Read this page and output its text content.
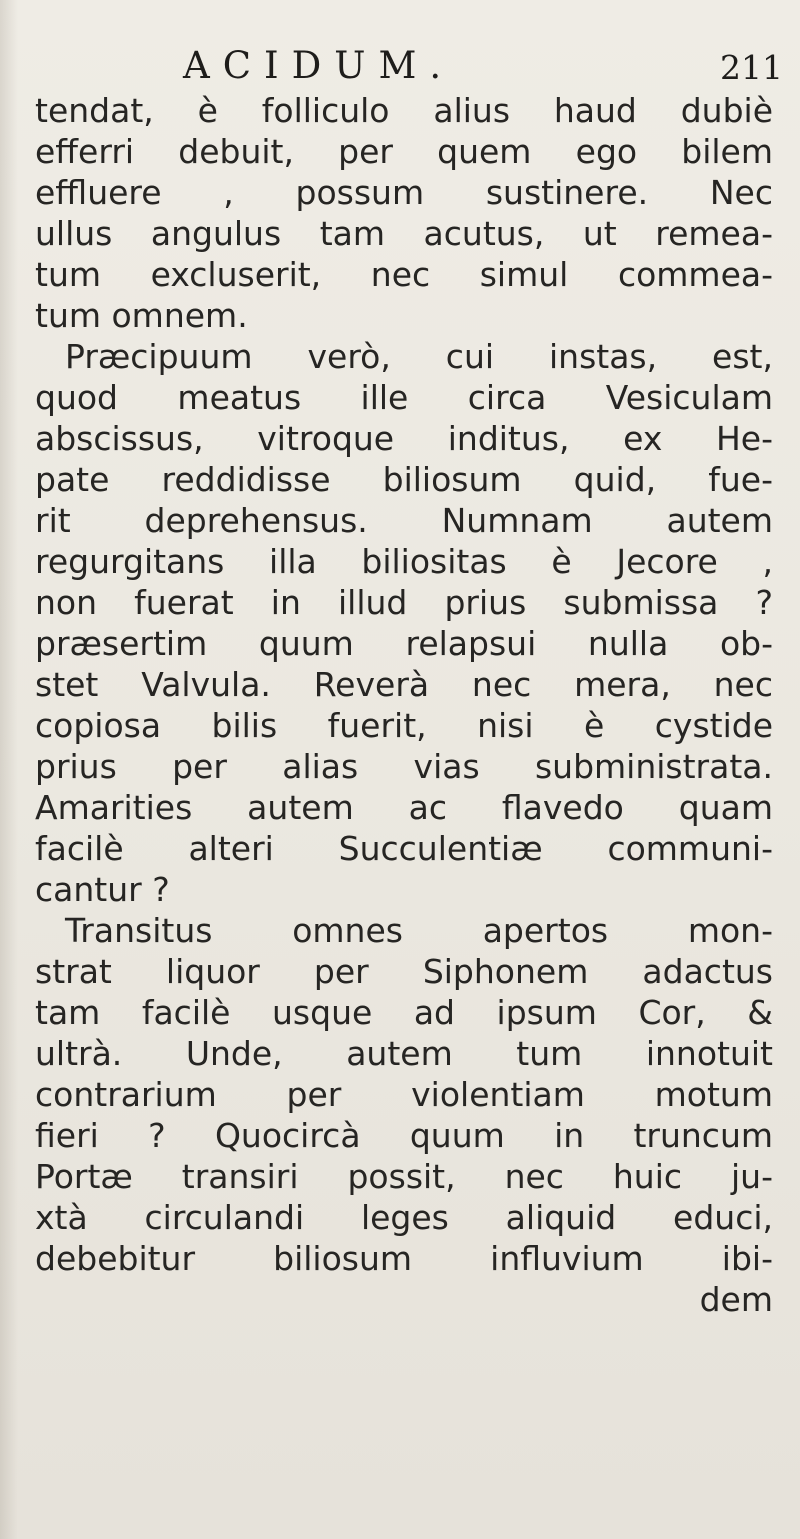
ACIDUM.	211
tendat, è folliculo alius haud dubiè
efferri debuit, per quem ego bilem
effluere , possum sustinere. Nec
ullus angulus tam acutus, ut remea-
tum excluserit, nec simul commea-
tum omnem.
Præcipuum verò, cui instas, est,
quod meatus ille circa Vesiculam
abscissus, vitroque inditus, ex He-
pate reddidisse biliosum quid, fue-
rit deprehensus. Numnam autem
regurgitans illa biliositas è Jecore ,
non fuerat in illud prius submissa ?
præsertim quum relapsui nulla ob-
stet Valvula. Reverà nec mera, nec
copiosa bilis fuerit, nisi è cystide
prius per alias vias subministrata.
Amarities autem ac flavedo quam
facilè alteri Succulentiæ communi-
cantur ?
Transitus omnes apertos mon-
strat liquor per Siphonem adactus
tam facilè usque ad ipsum Cor, &
ultrà. Unde, autem tum innotuit
contrarium per violentiam motum
fieri ? Quocircà quum in truncum
Portæ transiri possit, nec huic ju-
xtà circulandi leges aliquid educi,
debebitur biliosum influvium ibi-
dem
